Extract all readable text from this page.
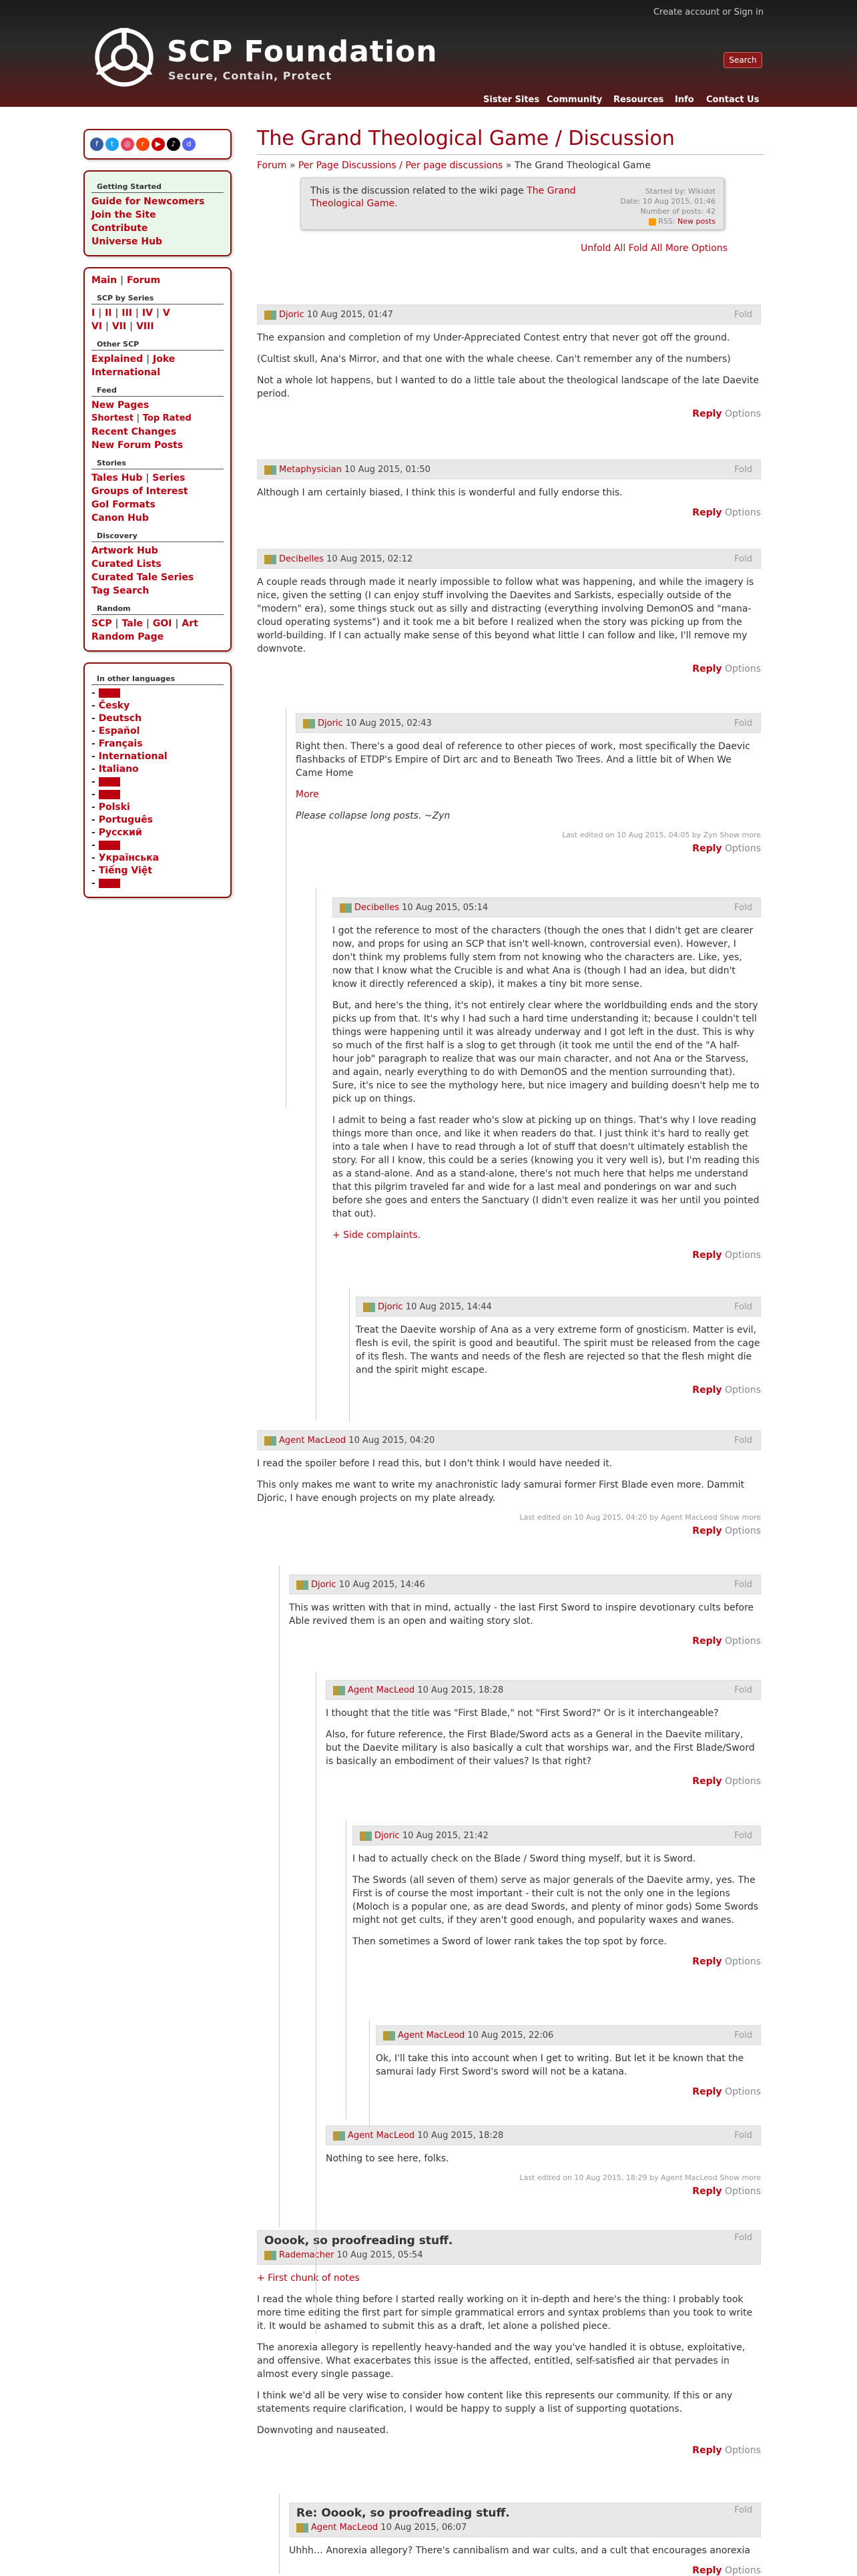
Create account or Sign in
SCP Foundation
Secure, Contain, Protect
Search
Sister Sites Community Resources Info Contact Us
f	t	◎	r	▶	♪	d
Getting Started
Guide for Newcomers
Join the Site
Contribute
Universe Hub
Main | Forum
SCP by Series
I | II | III | IV | V
VI | VII | VIII
Other SCP
Explained | Joke
International
Feed
New Pages
Shortest | Top Rated
Recent Changes
New Forum Posts
Stories
Tales Hub | Series
Groups of Interest
GoI Formats
Canon Hub
Discovery
Artwork Hub
Curated Lists
Curated Tale Series
Tag Search
Random
SCP | Tale | GOI | Art
Random Page
In other languages
-
- Česky
- Deutsch
- Español
- Français
- International
- Italiano
-
-
- Polski
- Português
- Русский
-
- Українська
- Tiếng Việt
-
The Grand Theological Game / Discussion
Forum » Per Page Discussions / Per page discussions » The Grand Theological Game
This is the discussion related to the wiki page The Grand Theological Game.
Started by: Wikidot
Date: 10 Aug 2015, 01:46
Number of posts: 42
RSS: New posts
Unfold All Fold All More Options
Djoric 10 Aug 2015, 01:47	Fold

The expansion and completion of my Under-Appreciated Contest entry that never got off the ground.

(Cultist skull, Ana's Mirror, and that one with the whale cheese. Can't remember any of the numbers)

Not a whole lot happens, but I wanted to do a little tale about the theological landscape of the late Daevite period.

Reply Options
Metaphysician 10 Aug 2015, 01:50	Fold

Although I am certainly biased, I think this is wonderful and fully endorse this.

Reply Options
Decibelles 10 Aug 2015, 02:12	Fold

A couple reads through made it nearly impossible to follow what was happening, and while the imagery is nice, given the setting (I can enjoy stuff involving the Daevites and Sarkists, especially outside of the "modern" era), some things stuck out as silly and distracting (everything involving DemonOS and "mana-cloud operating systems") and it took me a bit before I realized when the story was picking up from the world-building. If I can actually make sense of this beyond what little I can follow and like, I'll remove my downvote.

Reply Options
Djoric 10 Aug 2015, 02:43	Fold

Right then. There's a good deal of reference to other pieces of work, most specifically the Daevic flashbacks of ETDP's Empire of Dirt arc and to Beneath Two Trees. And a little bit of When We Came Home

More

Please collapse long posts. ~Zyn

Last edited on 10 Aug 2015, 04:05 by Zyn Show more
Reply Options
Decibelles 10 Aug 2015, 05:14	Fold

I got the reference to most of the characters (though the ones that I didn't get are clearer now, and props for using an SCP that isn't well-known, controversial even). However, I don't think my problems fully stem from not knowing who the characters are. Like, yes, now that I know what the Crucible is and what Ana is (though I had an idea, but didn't know it directly referenced a skip), it makes a tiny bit more sense.

But, and here's the thing, it's not entirely clear where the worldbuilding ends and the story picks up from that. It's why I had such a hard time understanding it; because I couldn't tell things were happening until it was already underway and I got left in the dust. This is why so much of the first half is a slog to get through (it took me until the end of the "A half-hour job" paragraph to realize that was our main character, and not Ana or the Starvess, and again, nearly everything to do with DemonOS and the mention surrounding that). Sure, it's nice to see the mythology here, but nice imagery and building doesn't help me to pick up on things.

I admit to being a fast reader who's slow at picking up on things. That's why I love reading things more than once, and like it when readers do that. I just think it's hard to really get into a tale when I have to read through a lot of stuff that doesn't ultimately establish the story. For all I know, this could be a series (knowing you it very well is), but I'm reading this as a stand-alone. And as a stand-alone, there's not much here that helps me understand that this pilgrim traveled far and wide for a last meal and ponderings on war and such before she goes and enters the Sanctuary (I didn't even realize it was her until you pointed that out).

+ Side complaints.

Reply Options
Djoric 10 Aug 2015, 14:44	Fold

Treat the Daevite worship of Ana as a very extreme form of gnosticism. Matter is evil, flesh is evil, the spirit is good and beautiful. The spirit must be released from the cage of its flesh. The wants and needs of the flesh are rejected so that the flesh might die and the spirit might escape.

Reply Options
Agent MacLeod 10 Aug 2015, 04:20	Fold

I read the spoiler before I read this, but I don't think I would have needed it.

This only makes me want to write my anachronistic lady samurai former First Blade even more. Dammit Djoric, I have enough projects on my plate already.

Last edited on 10 Aug 2015, 04:20 by Agent MacLeod Show more
Reply Options
Djoric 10 Aug 2015, 14:46	Fold

This was written with that in mind, actually - the last First Sword to inspire devotionary cults before Able revived them is an open and waiting story slot.

Reply Options
Agent MacLeod 10 Aug 2015, 18:28	Fold

I thought that the title was "First Blade," not "First Sword?" Or is it interchangeable?

Also, for future reference, the First Blade/Sword acts as a General in the Daevite military, but the Daevite military is also basically a cult that worships war, and the First Blade/Sword is basically an embodiment of their values? Is that right?

Reply Options
Djoric 10 Aug 2015, 21:42	Fold

I had to actually check on the Blade / Sword thing myself, but it is Sword.

The Swords (all seven of them) serve as major generals of the Daevite army, yes. The First is of course the most important - their cult is not the only one in the legions (Moloch is a popular one, as are dead Swords, and plenty of minor gods) Some Swords might not get cults, if they aren't good enough, and popularity waxes and wanes.

Then sometimes a Sword of lower rank takes the top spot by force.

Reply Options
Agent MacLeod 10 Aug 2015, 22:06	Fold

Ok, I'll take this into account when I get to writing. But let it be known that the samurai lady First Sword's sword will not be a katana.

Reply Options
Agent MacLeod 10 Aug 2015, 18:28	Fold

Nothing to see here, folks.

Last edited on 10 Aug 2015, 18:29 by Agent MacLeod Show more
Reply Options
Ooook, so proofreading stuff.
Rademacher 10 Aug 2015, 05:54
Fold

+ First chunk of notes

I read the whole thing before I started really working on it in-depth and here's the thing: I probably took more time editing the first part for simple grammatical errors and syntax problems than you took to write it. It would be ashamed to submit this as a draft, let alone a polished piece.

The anorexia allegory is repellently heavy-handed and the way you've handled it is obtuse, exploitative, and offensive. What exacerbates this issue is the affected, entitled, self-satisfied air that pervades in almost every single passage.

I think we'd all be very wise to consider how content like this represents our community. If this or any statements require clarification, I would be happy to supply a list of supporting quotations.

Downvoting and nauseated.

Reply Options
Re: Ooook, so proofreading stuff.
Agent MacLeod 10 Aug 2015, 06:07
Fold

Uhhh… Anorexia allegory? There's cannibalism and war cults, and a cult that encourages anorexia

Reply Options
